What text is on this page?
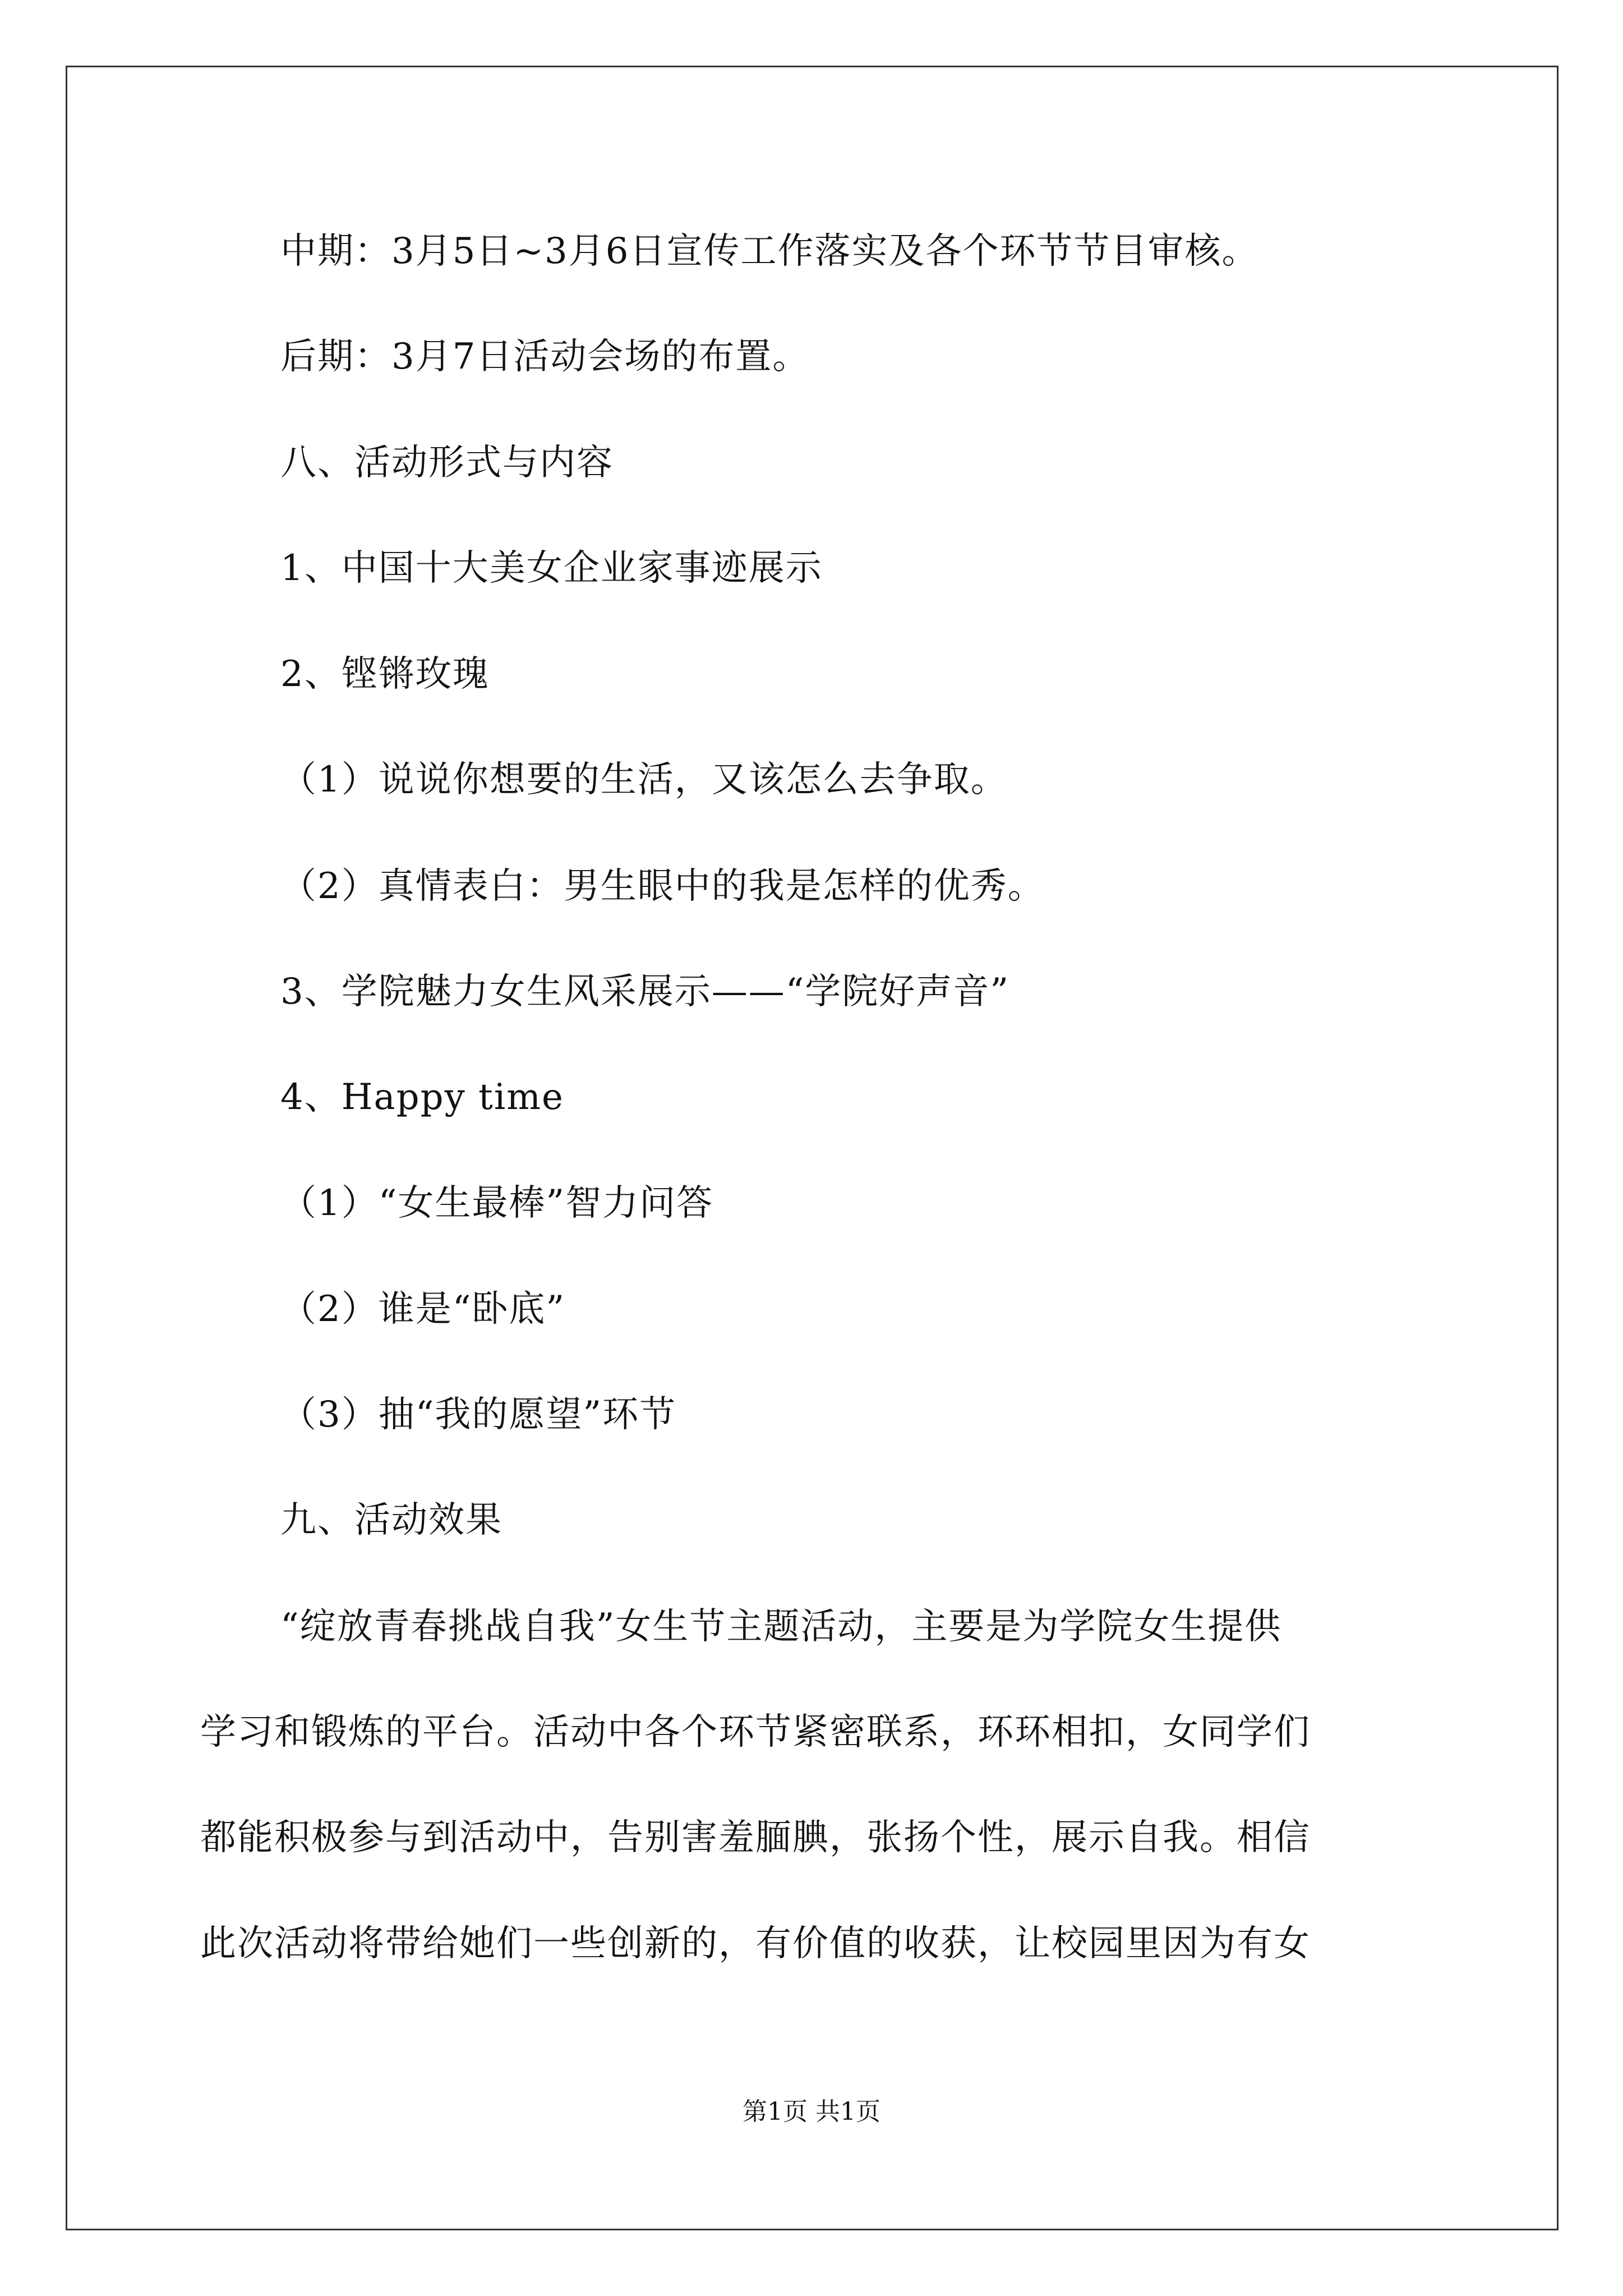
中期：3月5日~3月6日宣传工作落实及各个环节节目审核。
后期：3月7日活动会场的布置。
八、活动形式与内容
1、中国十大美女企业家事迹展示
2、铿锵玫瑰
（1）说说你想要的生活，又该怎么去争取。
（2）真情表白：男生眼中的我是怎样的优秀。
3、学院魅力女生风采展示——“学院好声音”
4、Happy time
（1）“女生最棒”智力问答
（2）谁是“卧底”
（3）抽“我的愿望”环节
九、活动效果
“绽放青春挑战自我”女生节主题活动，主要是为学院女生提供
学习和锻炼的平台。活动中各个环节紧密联系，环环相扣，女同学们
都能积极参与到活动中，告别害羞腼腆，张扬个性，展示自我。相信
此次活动将带给她们一些创新的，有价值的收获，让校园里因为有女
第1页 共1页
